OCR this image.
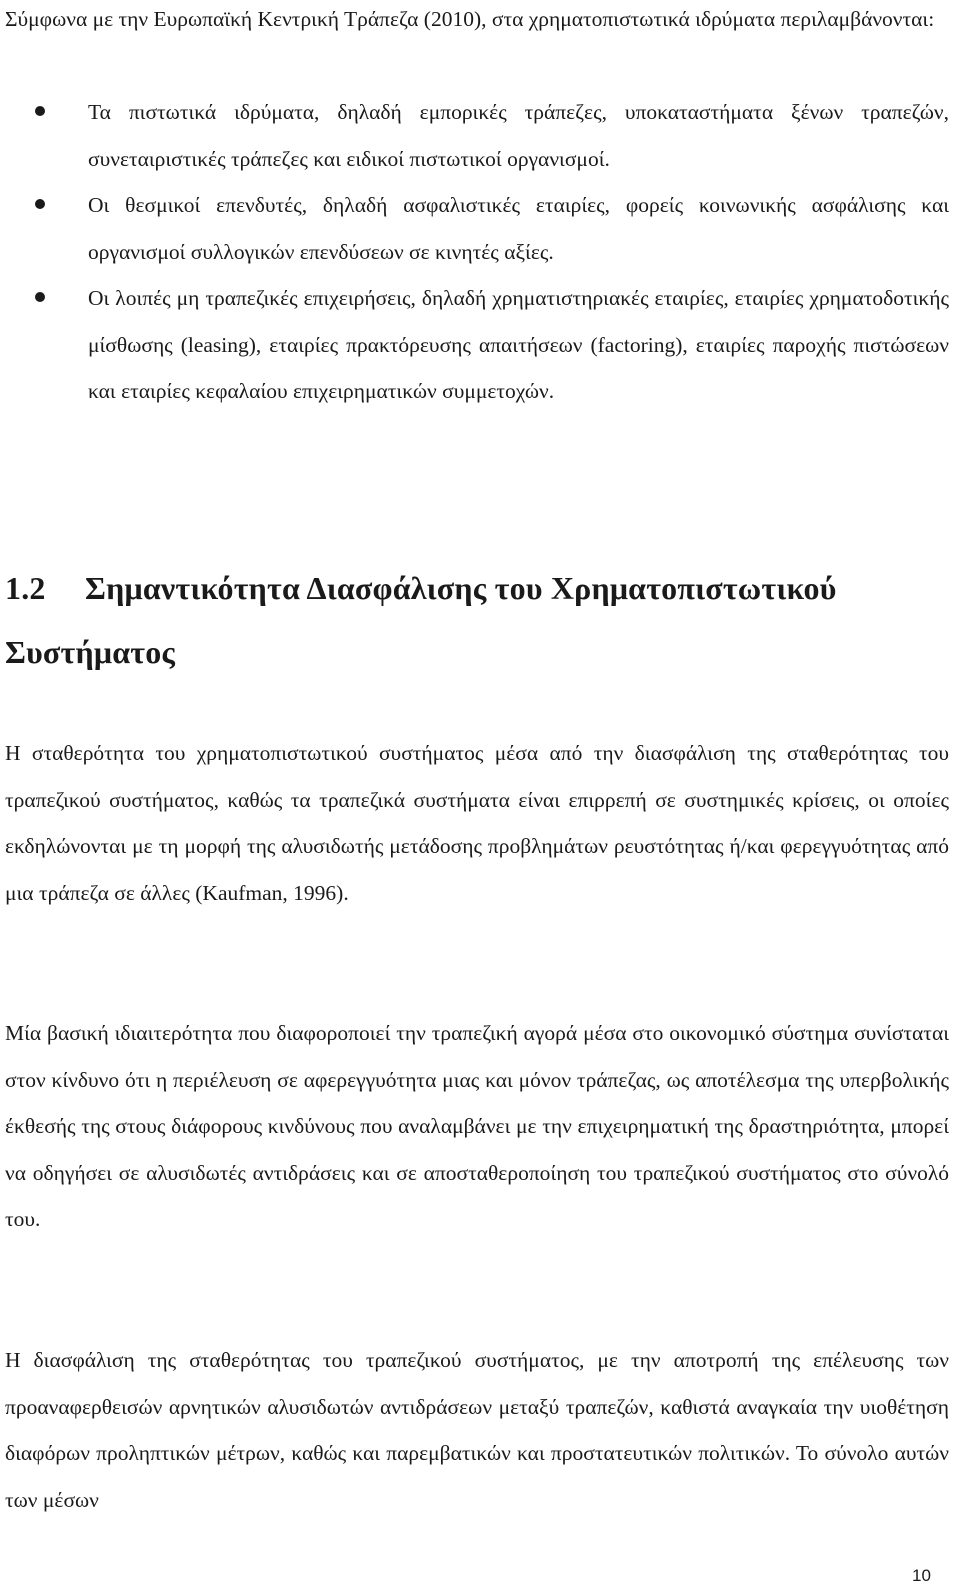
Σύμφωνα με την Ευρωπαϊκή Κεντρική Τράπεζα (2010), στα χρηματοπιστωτικά ιδρύματα περιλαμβάνονται:

Τα πιστωτικά ιδρύματα, δηλαδή εμπορικές τράπεζες, υποκαταστήματα ξένων τραπεζών, συνεταιριστικές τράπεζες και ειδικοί πιστωτικοί οργανισμοί.
Οι θεσμικοί επενδυτές, δηλαδή ασφαλιστικές εταιρίες, φορείς κοινωνικής ασφάλισης και οργανισμοί συλλογικών επενδύσεων σε κινητές αξίες.
Οι λοιπές μη τραπεζικές επιχειρήσεις, δηλαδή χρηματιστηριακές εταιρίες, εταιρίες χρηματοδοτικής μίσθωσης (leasing), εταιρίες πρακτόρευσης απαιτήσεων (factoring), εταιρίες παροχής πιστώσεων και εταιρίες κεφαλαίου επιχειρηματικών συμμετοχών.
1.2 Σημαντικότητα Διασφάλισης του Χρηματοπιστωτικού Συστήματος

Η σταθερότητα του χρηματοπιστωτικού συστήματος μέσα από την διασφάλιση της σταθερότητας του τραπεζικού συστήματος, καθώς τα τραπεζικά συστήματα είναι επιρρεπή σε συστημικές κρίσεις, οι οποίες εκδηλώνονται με τη μορφή της αλυσιδωτής μετάδοσης προβλημάτων ρευστότητας ή/και φερεγγυότητας από μια τράπεζα σε άλλες (Kaufman, 1996).

Μία βασική ιδιαιτερότητα που διαφοροποιεί την τραπεζική αγορά μέσα στο οικονομικό σύστημα συνίσταται στον κίνδυνο ότι η περιέλευση σε αφερεγγυότητα μιας και μόνον τράπεζας, ως αποτέλεσμα της υπερβολικής έκθεσής της στους διάφορους κινδύνους που αναλαμβάνει με την επιχειρηματική της δραστηριότητα, μπορεί να οδηγήσει σε αλυσιδωτές αντιδράσεις και σε αποσταθεροποίηση του τραπεζικού συστήματος στο σύνολό του.

Η διασφάλιση της σταθερότητας του τραπεζικού συστήματος, με την αποτροπή της επέλευσης των προαναφερθεισών αρνητικών αλυσιδωτών αντιδράσεων μεταξύ τραπεζών, καθιστά αναγκαία την υιοθέτηση διαφόρων προληπτικών μέτρων, καθώς και παρεμβατικών και προστατευτικών πολιτικών. Το σύνολο αυτών των μέσων

10
